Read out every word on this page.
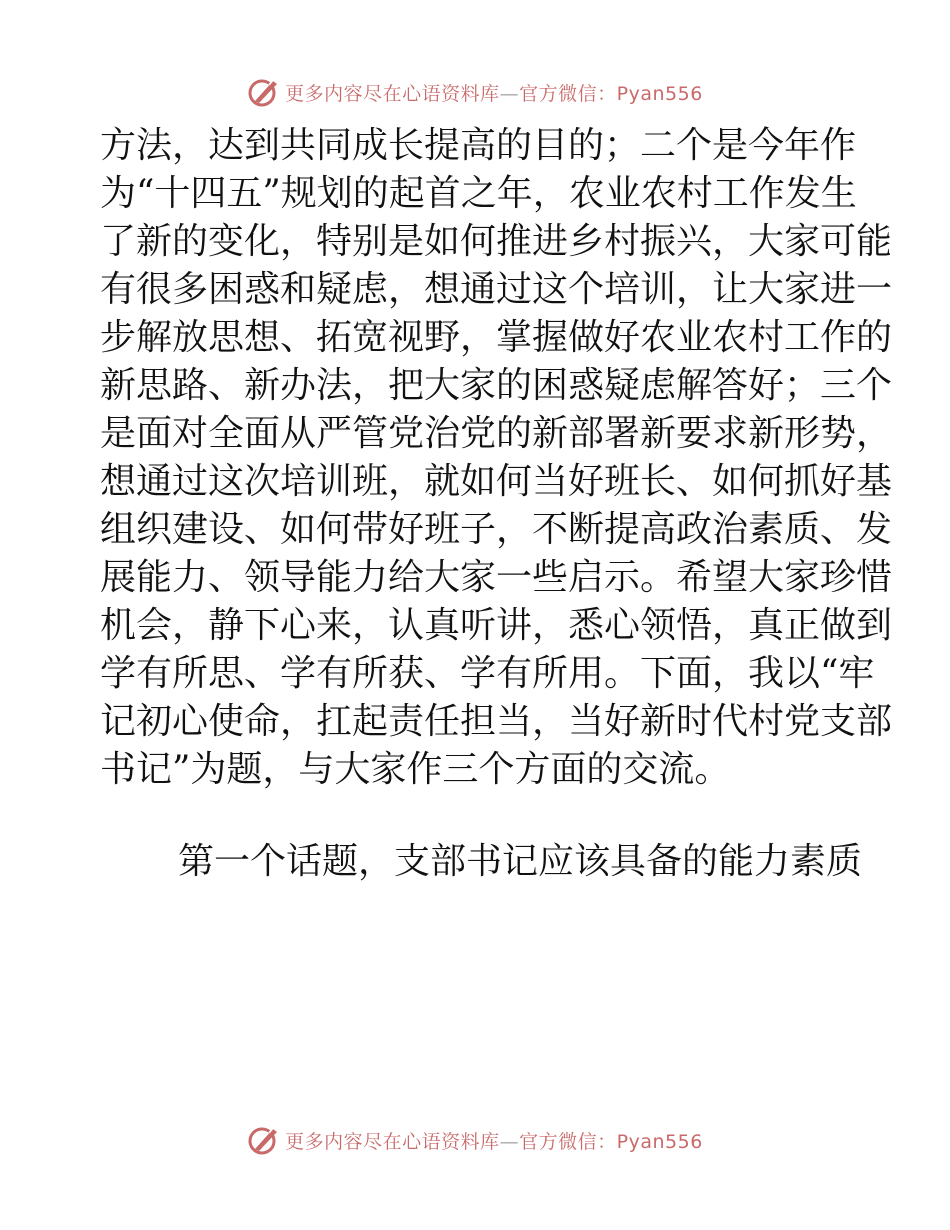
更多内容尽在心语资料库—官方微信：Pyan556
方法，达到共同成长提高的目的；二个是今年作
为“十四五”规划的起首之年，农业农村工作发生
了新的变化，特别是如何推进乡村振兴，大家可能
有很多困惑和疑虑，想通过这个培训，让大家进一
步解放思想、拓宽视野，掌握做好农业农村工作的
新思路、新办法，把大家的困惑疑虑解答好；三个
是面对全面从严管党治党的新部署新要求新形势，
想通过这次培训班，就如何当好班长、如何抓好基
组织建设、如何带好班子，不断提高政治素质、发
展能力、领导能力给大家一些启示。希望大家珍惜
机会，静下心来，认真听讲，悉心领悟，真正做到
学有所思、学有所获、学有所用。下面，我以“牢
记初心使命，扛起责任担当，当好新时代村党支部
书记”为题，与大家作三个方面的交流。
第一个话题，支部书记应该具备的能力素质
更多内容尽在心语资料库—官方微信：Pyan556
